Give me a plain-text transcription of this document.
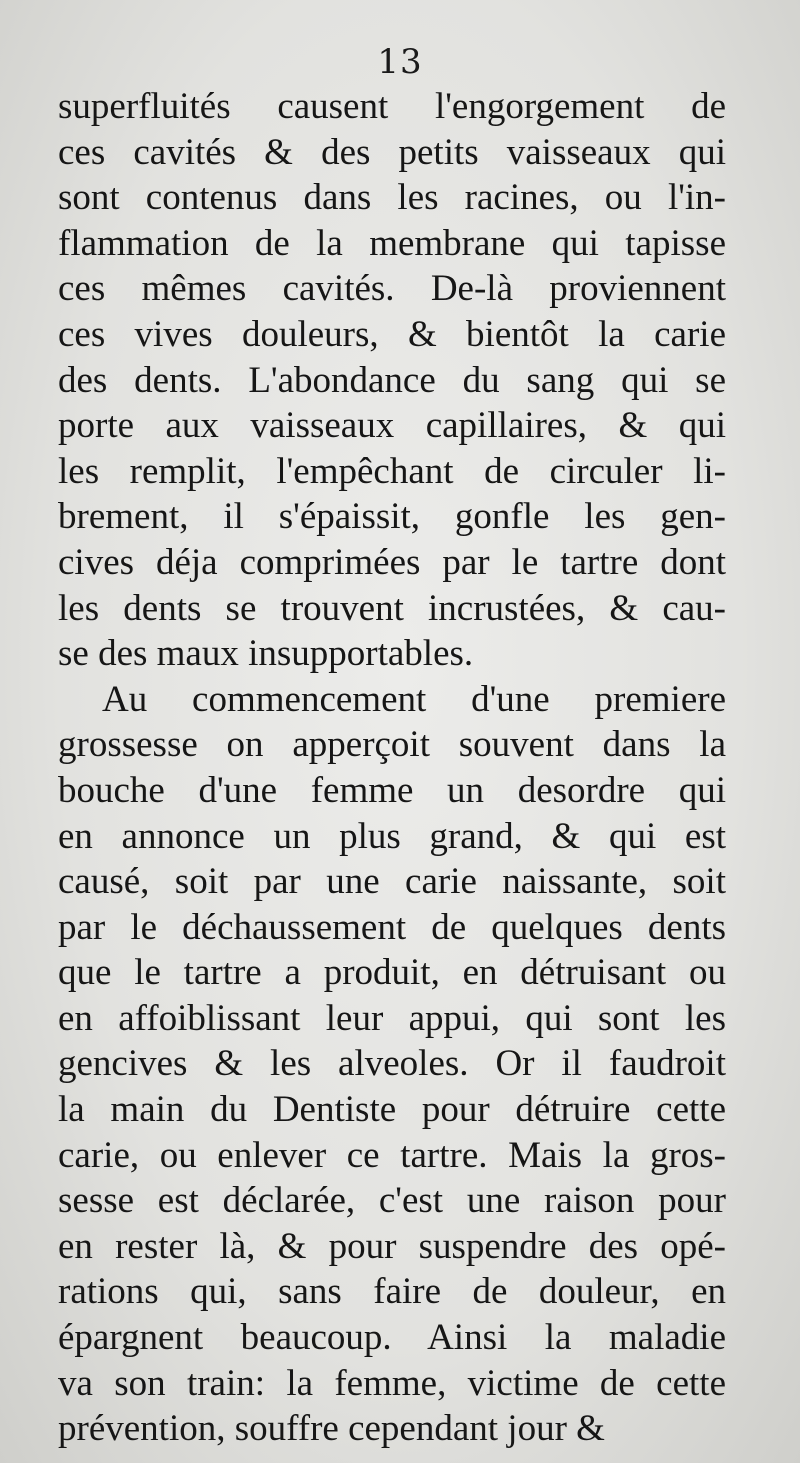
13
superfluités causent l'engorgement de
ces cavités & des petits vaisseaux qui
sont contenus dans les racines, ou l'in-
flammation de la membrane qui tapisse
ces mêmes cavités. De-là proviennent
ces vives douleurs, & bientôt la carie
des dents. L'abondance du sang qui se
porte aux vaisseaux capillaires, & qui
les remplit, l'empêchant de circuler li-
brement, il s'épaissit, gonfle les gen-
cives déja comprimées par le tartre dont
les dents se trouvent incrustées, & cau-
se des maux insupportables.
Au commencement d'une premiere
grossesse on apperçoit souvent dans la
bouche d'une femme un desordre qui
en annonce un plus grand, & qui est
causé, soit par une carie naissante, soit
par le déchaussement de quelques dents
que le tartre a produit, en détruisant ou
en affoiblissant leur appui, qui sont les
gencives & les alveoles. Or il faudroit
la main du Dentiste pour détruire cette
carie, ou enlever ce tartre. Mais la gros-
sesse est déclarée, c'est une raison pour
en rester là, & pour suspendre des opé-
rations qui, sans faire de douleur, en
épargnent beaucoup. Ainsi la maladie
va son train: la femme, victime de cette
prévention, souffre cependant jour &
